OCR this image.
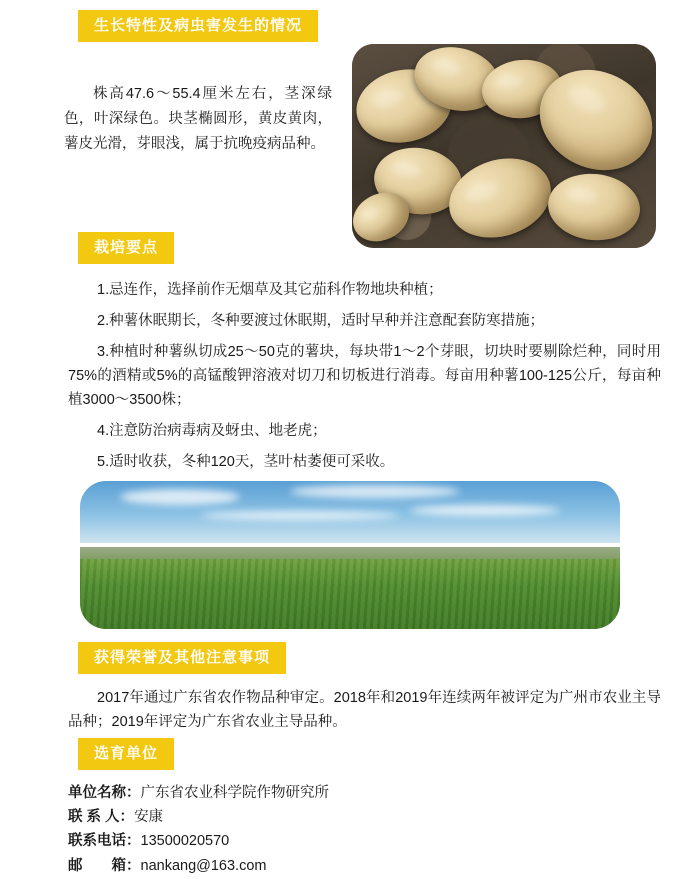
生长特性及病虫害发生的情况
株高47.6～55.4厘米左右，茎深绿色，叶深绿色。块茎椭圆形，黄皮黄肉，薯皮光滑，芽眼浅，属于抗晚疫病品种。
栽培要点
1.忌连作，选择前作无烟草及其它茄科作物地块种植；
2.种薯休眠期长，冬种要渡过休眠期，适时早种并注意配套防寒措施；
3.种植时种薯纵切成25～50克的薯块，每块带1～2个芽眼，切块时要剔除烂种，同时用75%的酒精或5%的高锰酸钾溶液对切刀和切板进行消毒。每亩用种薯100-125公斤，每亩种植3000～3500株；
4.注意防治病毒病及蚜虫、地老虎；
5.适时收获，冬种120天，茎叶枯萎便可采收。
获得荣誉及其他注意事项
2017年通过广东省农作物品种审定。2018年和2019年连续两年被评定为广州市农业主导品种；2019年评定为广东省农业主导品种。
选育单位
单位名称： 广东省农业科学院作物研究所
联 系 人： 安康
联系电话： 13500020570
邮　　箱： nankang@163.com
